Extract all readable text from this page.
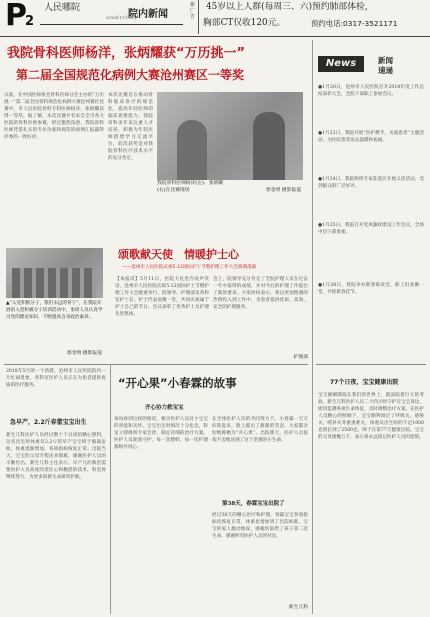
P
2
人民哪院
2018年11月15日
院内新闻
新广告
45岁以上人群(每周三、六)预约肺部体检，
胸部CT仅收120元。	预约电话:0317-3521171
我院骨科医师杨洋，张炳耀获“万历挑一”
第二届全国规范化病例大赛沧州赛区一等奖
日前，在中国医师协会骨科医师分会主办的“万历挑一”第二届全国骨科规范化病例大赛沧州赛区比赛中，市人民医院骨科专科医师杨洋、张炳耀获得一等奖。据了解，本次比赛共有来自全市各大医院的骨科医师参赛，经过激烈角逐，我院骨科医师凭借扎实的专业功底和规范的病例汇报赢得评委的一致好评。
本次比赛旨在推动骨科临床诊疗的规范化，提高年轻医师的临床思维能力。我院骨科多年来注重人才培养，积极为年轻医师搭建学习交流平台，此次获奖是对我院骨科医疗技术水平的充分肯定。
郭金明 摄影报道
我院骨科医师杨洋(左)、张炳耀(右)在比赛现场
News	新闻
速递
●1月20日，沧州市人民医院召开2018年度工作总结表彰大会，全院干部职工参加会议。
●1月22日，我院开展“医护携手，关爱患者”主题活动，为住院患者送去温暖和祝福。
●1月24日，我院组织专家赴基层开展义诊活动，受到群众的广泛好评。
●1月25日，我院召开党风廉政建设工作会议，全体中层干部参加。
●1月28日，我院举办新春联欢会，职工们欢聚一堂，共迎新春佳节。
▲“入党积极分子，我们永远的骨干”，在我院开展的入党积极分子培训活动中，参训人员认真学习党的理论知识，不断提高自身政治素养。
郭金明 摄影报道
颂歌献天使　情暖护士心
——沧州市人民医院庆祝5.12国际护士节暨护理工作大会圆满落幕
【本报讯】5月11日，医院大礼堂内欢声笑语，沧州市人民医院庆祝5.12国际护士节暨护理工作大会隆重举行。院领导、护理部及各科室护士长、护士代表欢聚一堂，共同庆祝属于护士自己的节日。会议表彰了优秀护士及护理先进集体。
会上，院领导充分肯定了全院护理人员在过去一年中取得的成绩，并对今后的护理工作提出了新的要求。大家纷纷表示，将以更加饱满的热情投入到工作中，为患者提供优质、高效、安全的护理服务。
护理部
2018年5月的一个清晨，沧州市人民医院院内一片忙碌景象，各科室医护人员正在为患者提供优质的医疗服务。
急早产，2.2斤春蕾宝宝出生
新生儿科医护人员经过数十个日夜的精心照料，这名出生时体重仅2.2斤的早产宝宝终于脱离危险，体重逐渐增加，各项指标恢复正常。出院当天，宝宝的父母专程送来锦旗，感谢医护人员的辛勤付出。新生儿科主任表示，早产儿的救治需要医护人员高度的责任心和精湛的技术，科室将继续努力，为更多的新生命保驾护航。
“开心果”小春霖的故事
齐心协力救宝宝
每每看到这样的情况，极享医护人员对小宝宝的喜爱和关怀。宝宝出生时情况十分危急，科室立即组织专家会诊，制定详细的治疗方案。医护人员轮流守护，每一次喂奶、每一次护理都格外用心。
在全体医护人员的共同努力下，小春霖一天天好转起来，脸上露出了甜甜的笑容，大家都亲切地称她为“开心果”。出院那天，医护人员依依不舍地送别了这个坚强的小生命。
第38天，春霖宝宝出院了
经过38天的精心治疗和护理，春霖宝宝各项指标均恢复正常，体重也增加到了出院标准。宝宝的家人激动地说，感谢医院给了孩子第二次生命，感谢所有医护人员的付出。
新生儿科
77个日夜，宝宝健康出院
宝宝刚刚降临在我们的世界上，就面临着巨大的考验。新生儿科医护人员二十四小时守护在宝宝身边，密切监测各项生命体征，及时调整治疗方案。在医护人员精心的照顾下，宝宝顺利闯过了呼吸关、感染关、喂养关等重重难关，体重从出生时的不足1000克增长到了2500克，终于在第77天健康出院。宝宝的父母感慨万千，表示将永远铭记医护人员的恩情。
